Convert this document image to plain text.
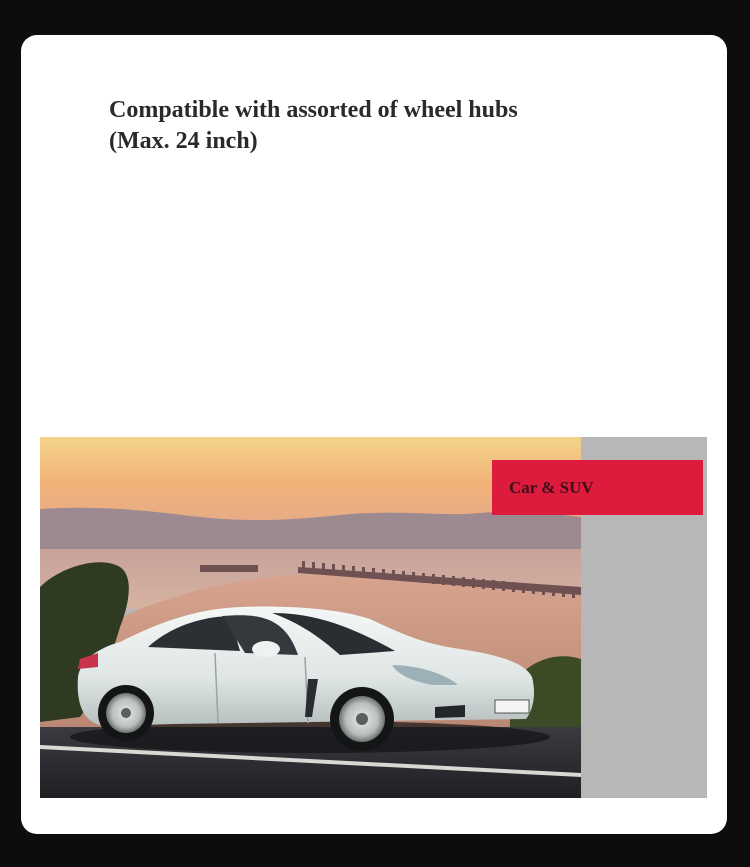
Compatible with assorted of wheel hubs
(Max. 24 inch)
Car & SUV
